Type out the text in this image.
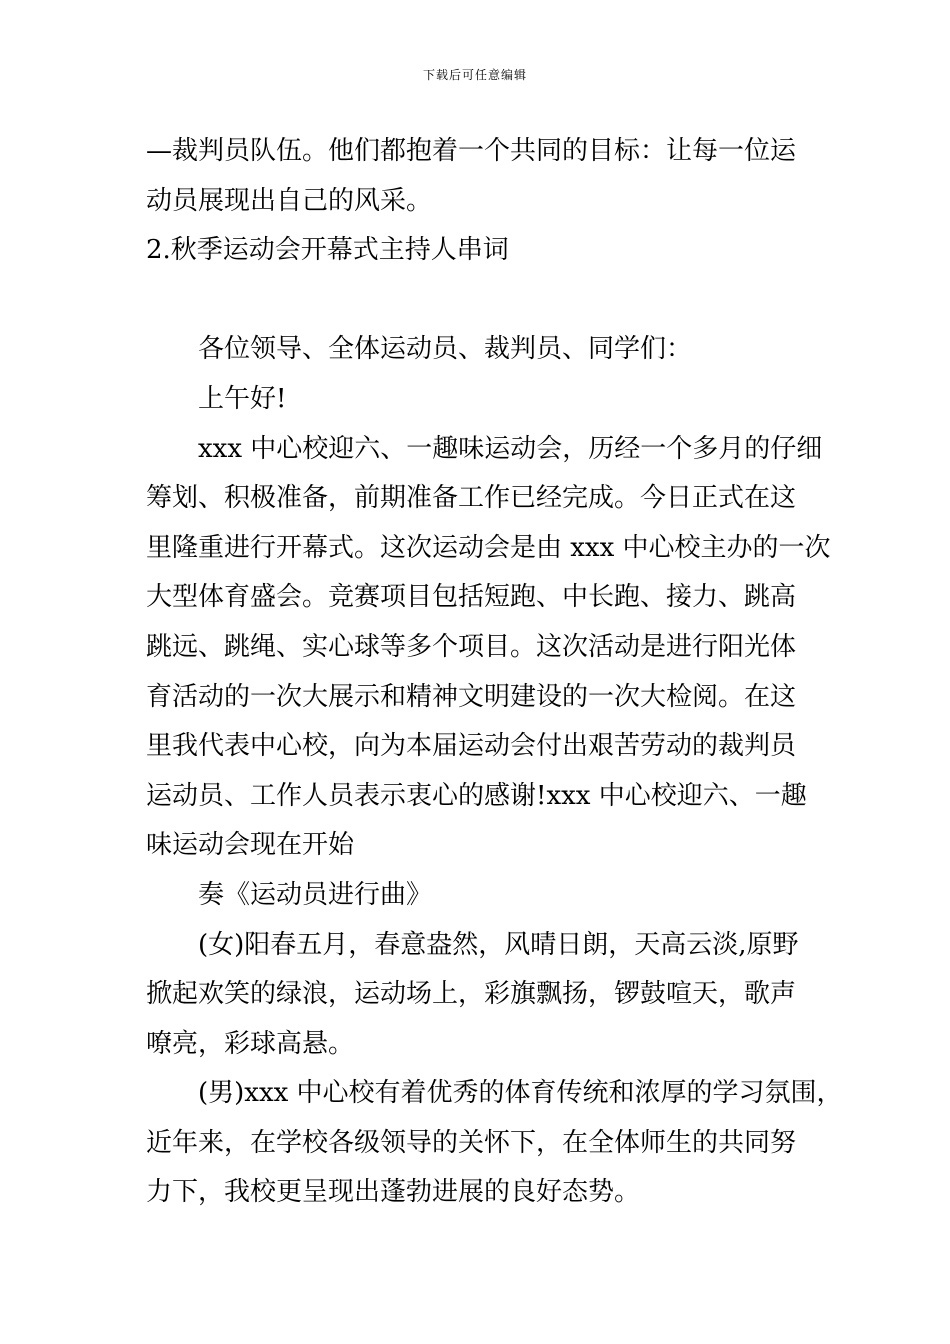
下载后可任意编辑
—裁判员队伍。他们都抱着一个共同的目标：让每一位运
动员展现出自己的风采。
2.秋季运动会开幕式主持人串词
各位领导、全体运动员、裁判员、同学们：
上午好!
xxx 中心校迎六、一趣味运动会，历经一个多月的仔细
筹划、积极准备，前期准备工作已经完成。今日正式在这
里隆重进行开幕式。这次运动会是由 xxx 中心校主办的一次
大型体育盛会。竞赛项目包括短跑、中长跑、接力、跳高
跳远、跳绳、实心球等多个项目。这次活动是进行阳光体
育活动的一次大展示和精神文明建设的一次大检阅。在这
里我代表中心校，向为本届运动会付出艰苦劳动的裁判员
运动员、工作人员表示衷心的感谢!xxx 中心校迎六、一趣
味运动会现在开始
奏《运动员进行曲》
(女)阳春五月，春意盎然，风晴日朗，天高云淡,原野
掀起欢笑的绿浪，运动场上，彩旗飘扬，锣鼓喧天，歌声
嘹亮，彩球高悬。
(男)xxx 中心校有着优秀的体育传统和浓厚的学习氛围，
近年来，在学校各级领导的关怀下，在全体师生的共同努
力下，我校更呈现出蓬勃进展的良好态势。
